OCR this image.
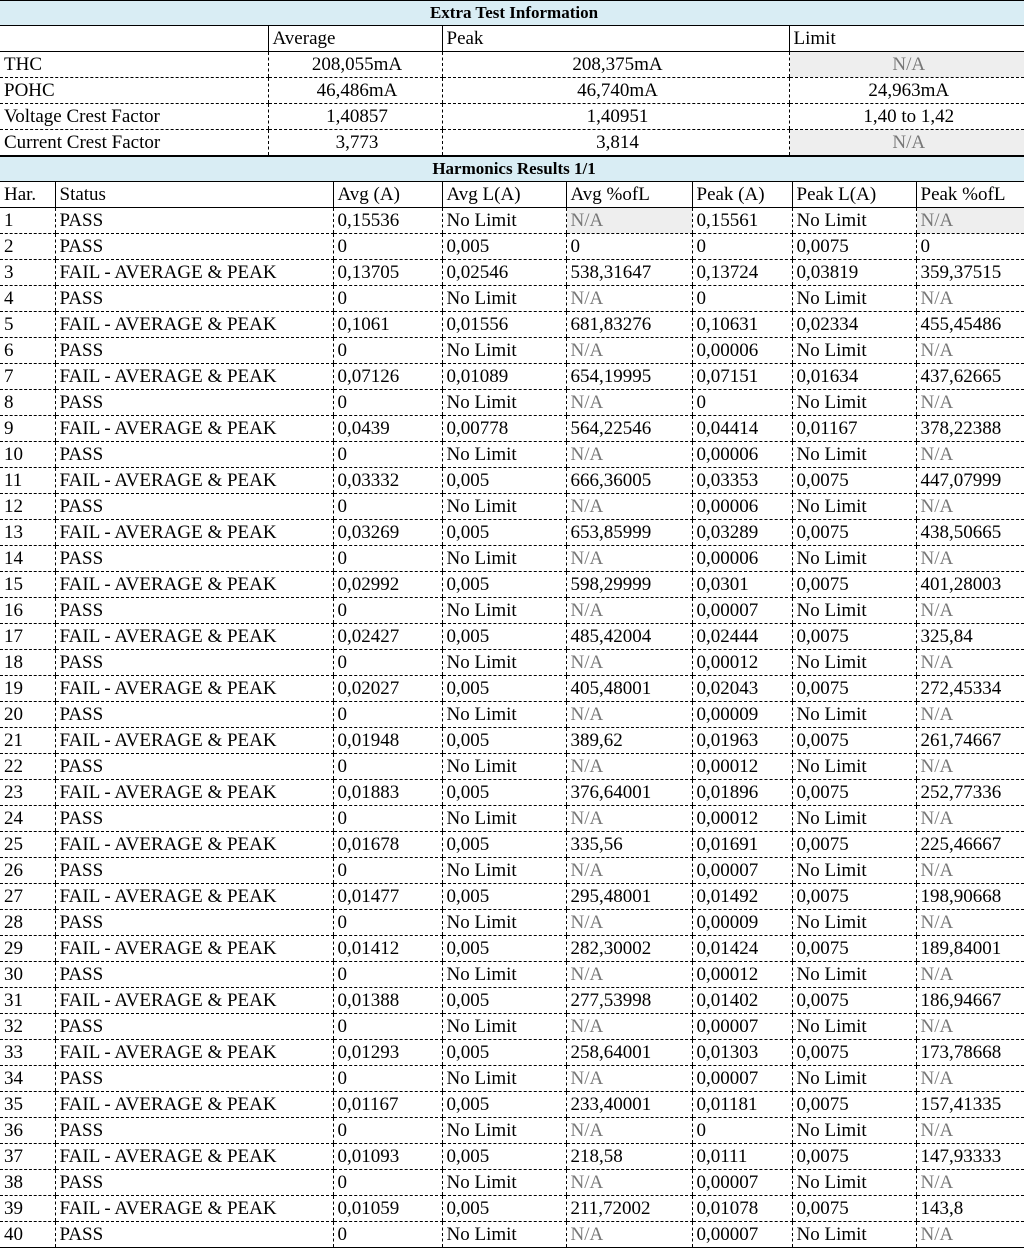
Extra Test Information			
	Average	Peak	Limit
THC	208,055mA	208,375mA	N/A
POHC	46,486mA	46,740mA	24,963mA
Voltage Crest Factor	1,40857	1,40951	1,40 to 1,42
Current Crest Factor	3,773	3,814	N/A
Harmonics Results 1/1							
Har.	Status	Avg (A)	Avg L(A)	Avg %ofL	Peak (A)	Peak L(A)	Peak %ofL
1	PASS	0,15536	No Limit	N/A	0,15561	No Limit	N/A
2	PASS	0	0,005	0	0	0,0075	0
3	FAIL - AVERAGE & PEAK	0,13705	0,02546	538,31647	0,13724	0,03819	359,37515
4	PASS	0	No Limit	N/A	0	No Limit	N/A
5	FAIL - AVERAGE & PEAK	0,1061	0,01556	681,83276	0,10631	0,02334	455,45486
6	PASS	0	No Limit	N/A	0,00006	No Limit	N/A
7	FAIL - AVERAGE & PEAK	0,07126	0,01089	654,19995	0,07151	0,01634	437,62665
8	PASS	0	No Limit	N/A	0	No Limit	N/A
9	FAIL - AVERAGE & PEAK	0,0439	0,00778	564,22546	0,04414	0,01167	378,22388
10	PASS	0	No Limit	N/A	0,00006	No Limit	N/A
11	FAIL - AVERAGE & PEAK	0,03332	0,005	666,36005	0,03353	0,0075	447,07999
12	PASS	0	No Limit	N/A	0,00006	No Limit	N/A
13	FAIL - AVERAGE & PEAK	0,03269	0,005	653,85999	0,03289	0,0075	438,50665
14	PASS	0	No Limit	N/A	0,00006	No Limit	N/A
15	FAIL - AVERAGE & PEAK	0,02992	0,005	598,29999	0,0301	0,0075	401,28003
16	PASS	0	No Limit	N/A	0,00007	No Limit	N/A
17	FAIL - AVERAGE & PEAK	0,02427	0,005	485,42004	0,02444	0,0075	325,84
18	PASS	0	No Limit	N/A	0,00012	No Limit	N/A
19	FAIL - AVERAGE & PEAK	0,02027	0,005	405,48001	0,02043	0,0075	272,45334
20	PASS	0	No Limit	N/A	0,00009	No Limit	N/A
21	FAIL - AVERAGE & PEAK	0,01948	0,005	389,62	0,01963	0,0075	261,74667
22	PASS	0	No Limit	N/A	0,00012	No Limit	N/A
23	FAIL - AVERAGE & PEAK	0,01883	0,005	376,64001	0,01896	0,0075	252,77336
24	PASS	0	No Limit	N/A	0,00012	No Limit	N/A
25	FAIL - AVERAGE & PEAK	0,01678	0,005	335,56	0,01691	0,0075	225,46667
26	PASS	0	No Limit	N/A	0,00007	No Limit	N/A
27	FAIL - AVERAGE & PEAK	0,01477	0,005	295,48001	0,01492	0,0075	198,90668
28	PASS	0	No Limit	N/A	0,00009	No Limit	N/A
29	FAIL - AVERAGE & PEAK	0,01412	0,005	282,30002	0,01424	0,0075	189,84001
30	PASS	0	No Limit	N/A	0,00012	No Limit	N/A
31	FAIL - AVERAGE & PEAK	0,01388	0,005	277,53998	0,01402	0,0075	186,94667
32	PASS	0	No Limit	N/A	0,00007	No Limit	N/A
33	FAIL - AVERAGE & PEAK	0,01293	0,005	258,64001	0,01303	0,0075	173,78668
34	PASS	0	No Limit	N/A	0,00007	No Limit	N/A
35	FAIL - AVERAGE & PEAK	0,01167	0,005	233,40001	0,01181	0,0075	157,41335
36	PASS	0	No Limit	N/A	0	No Limit	N/A
37	FAIL - AVERAGE & PEAK	0,01093	0,005	218,58	0,0111	0,0075	147,93333
38	PASS	0	No Limit	N/A	0,00007	No Limit	N/A
39	FAIL - AVERAGE & PEAK	0,01059	0,005	211,72002	0,01078	0,0075	143,8
40	PASS	0	No Limit	N/A	0,00007	No Limit	N/A
